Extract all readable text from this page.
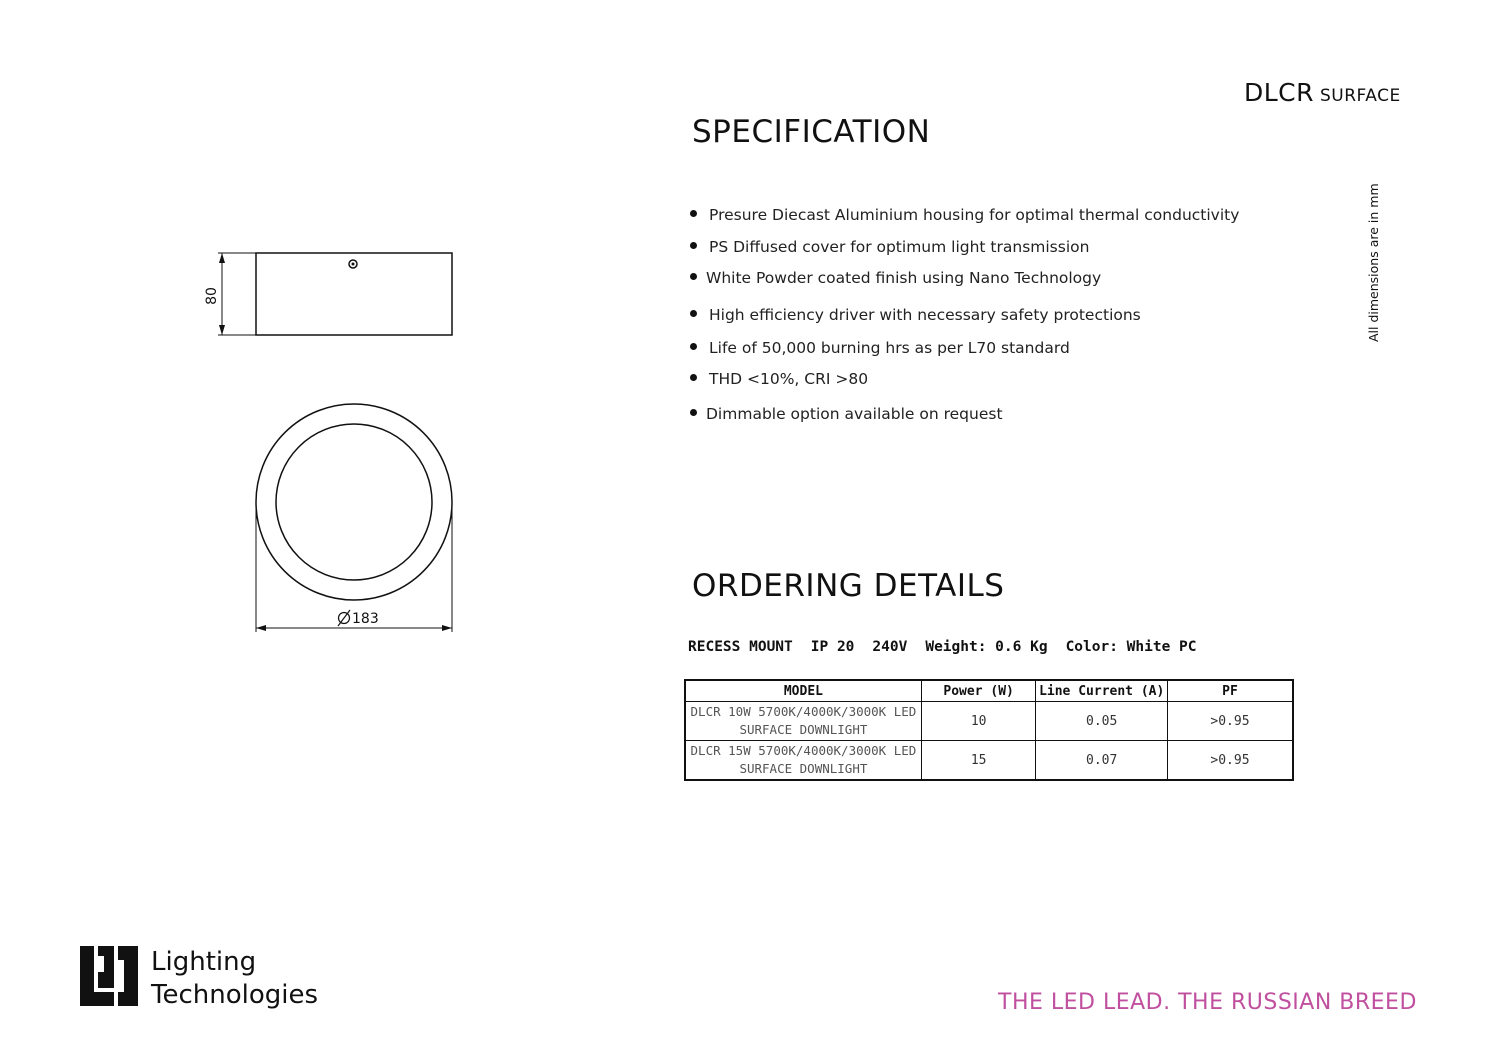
DLCR SURFACE
SPECIFICATION
Presure Diecast Aluminium housing for optimal thermal conductivity
PS Diffused cover for optimum light transmission
White Powder coated finish using Nano Technology
High efficiency driver with necessary safety protections
Life of 50,000 burning hrs as per L70 standard
THD <10%, CRI >80
Dimmable option available on request
All dimensions are in mm
80
183
ORDERING DETAILS
RECESS MOUNT IP 20 240V Weight: 0.6 Kg Color: White PC
MODEL	Power (W)	Line Current (A)	PF

DLCR 10W 5700K/4000K/3000K LED
SURFACE DOWNLIGHT	10	0.05	>0.95

DLCR 15W 5700K/4000K/3000K LED
SURFACE DOWNLIGHT	15	0.07	>0.95
Lighting
Technologies	THE LED LEAD. THE RUSSIAN BREED
